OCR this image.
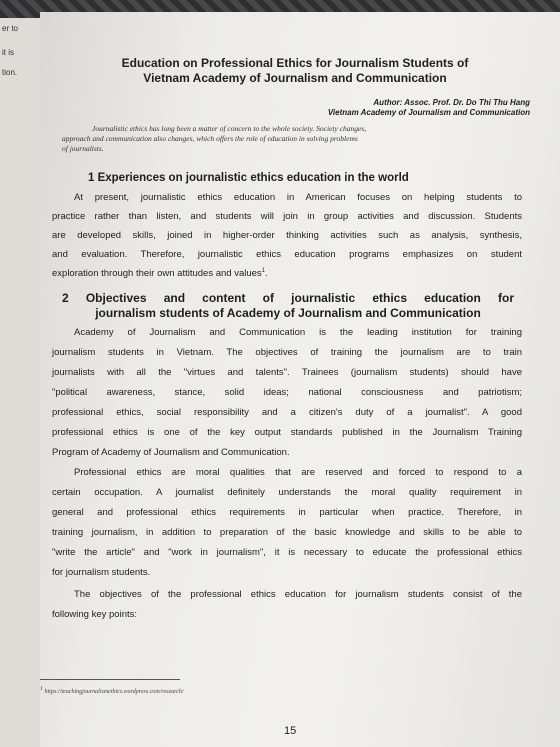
er to
it is
tion.
Education on Professional Ethics for Journalism Students of
Vietnam Academy of Journalism and Communication
Author: Assoc. Prof. Dr. Do Thi Thu Hang
Vietnam Academy of Journalism and Communication
Journalistic ethics has long been a matter of concern to the whole society. Society changes,
approach and communication also changes, which offers the role of education in solving problems
of journalists.
1 Experiences on journalistic ethics education in the world
At present, journalistic ethics education in American focuses on helping students to
practice rather than listen, and students will join in group activities and discussion. Students
are developed skills, joined in higher-order thinking activities such as analysis, synthesis,
and evaluation. Therefore, journalistic ethics education programs emphasizes on student
exploration through their own attitudes and values$^1$.
2 Objectives and content of journalistic ethics education for
journalism students of Academy of Journalism and Communication
Academy of Journalism and Communication is the leading institution for training
journalism students in Vietnam. The objectives of training the journalism are to train
journalists with all the "virtues and talents". Trainees (journalism students) should have
"political awareness, stance, solid ideas; national consciousness and patriotism;
professional ethics, social responsibility and a citizen's duty of a journalist". A good
professional ethics is one of the key output standards published in the Journalism Training
Program of Academy of Journalism and Communication.
Professional ethics are moral qualities that are reserved and forced to respond to a
certain occupation. A journalist definitely understands the moral quality requirement in
general and professional ethics requirements in particular when practice. Therefore, in
training journalism, in addition to preparation of the basic knowledge and skills to be able to
"write the article" and "work in journalism", it is necessary to educate the professional ethics
for journalism students.
The objectives of the professional ethics education for journalism students consist of the
following key points:
$^1$ https://teachingjournalismethics.wordpress.com/research/
15
